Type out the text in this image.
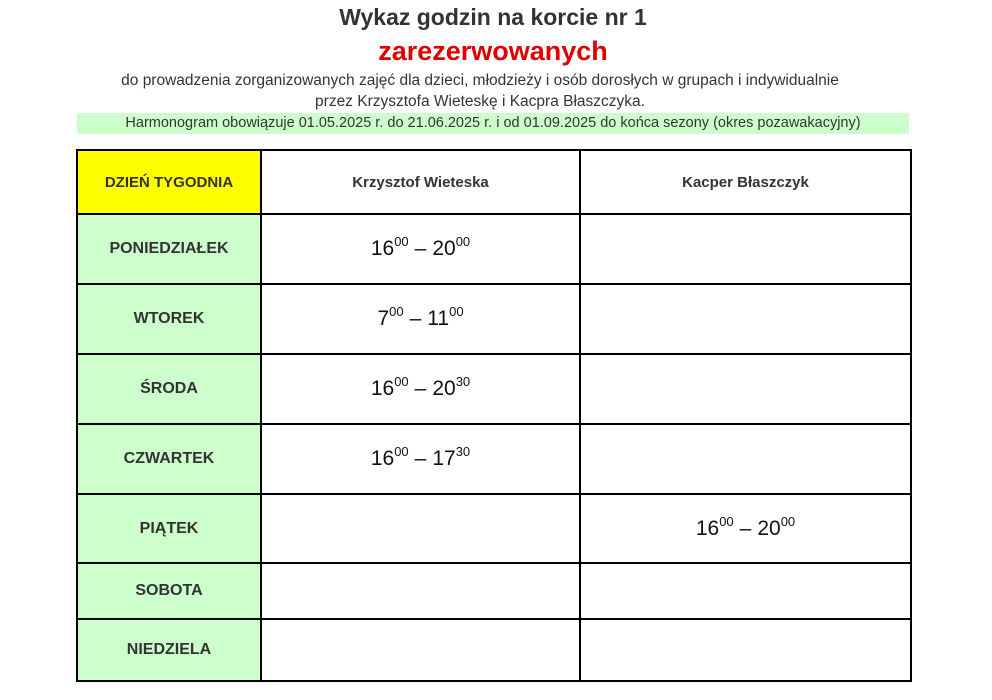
Wykaz godzin na korcie nr 1
zarezerwowanych
do prowadzenia zorganizowanych zajęć dla dzieci, młodzieży i osób dorosłych w grupach i indywidualnie
przez Krzysztofa Wieteskę i Kacpra Błaszczyka.
Harmonogram obowiązuje 01.05.2025 r. do 21.06.2025 r. i od 01.09.2025 do końca sezony (okres pozawakacyjny)
DZIEŃ TYGODNIA	Krzysztof Wieteska	Kacper Błaszczyk
PONIEDZIAŁEK	$16^{00} - 20^{00}$	
WTOREK	$7^{00} - 11^{00}$	
ŚRODA	$16^{00} - 20^{30}$	
CZWARTEK	$16^{00} - 17^{30}$	
PIĄTEK		$16^{00} - 20^{00}$
SOBOTA		
NIEDZIELA		
